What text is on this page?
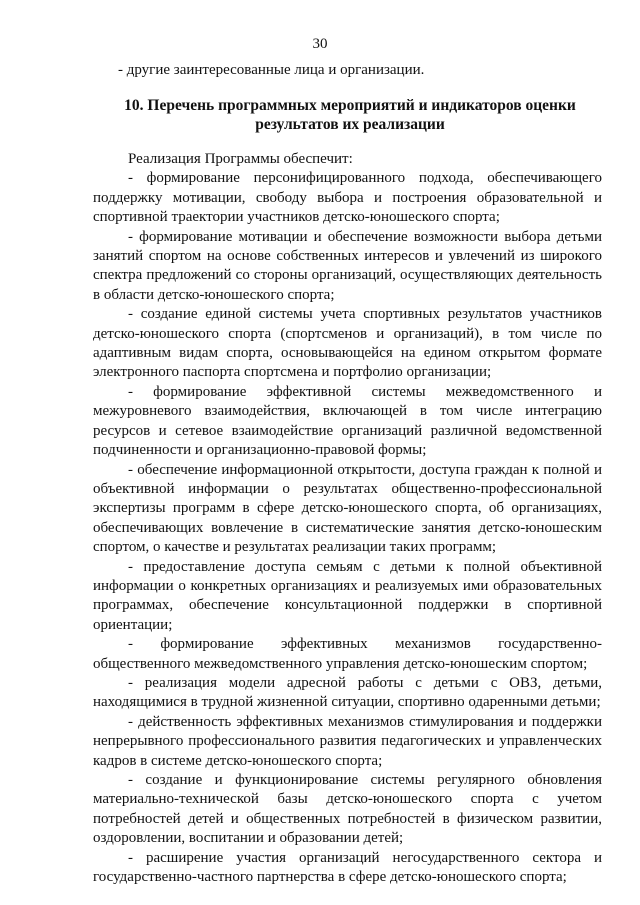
30
- другие заинтересованные лица и организации.
10. Перечень программных мероприятий и индикаторов оценки результатов их реализации

Реализация Программы обеспечит:

- формирование персонифицированного подхода, обеспечивающего поддержку мотивации, свободу выбора и построения образовательной и спортивной траектории участников детско-юношеского спорта;

- формирование мотивации и обеспечение возможности выбора детьми занятий спортом на основе собственных интересов и увлечений из широкого спектра предложений со стороны организаций, осуществляющих деятельность в области детско-юношеского спорта;

- создание единой системы учета спортивных результатов участников детско-юношеского спорта (спортсменов и организаций), в том числе по адаптивным видам спорта, основывающейся на едином открытом формате электронного паспорта спортсмена и портфолио организации;

- формирование эффективной системы межведомственного и межуровневого взаимодействия, включающей в том числе интеграцию ресурсов и сетевое взаимодействие организаций различной ведомственной подчиненности и организационно-правовой формы;

- обеспечение информационной открытости, доступа граждан к полной и объективной информации о результатах общественно-профессиональной экспертизы программ в сфере детско-юношеского спорта, об организациях, обеспечивающих вовлечение в систематические занятия детско-юношеским спортом, о качестве и результатах реализации таких программ;

- предоставление доступа семьям с детьми к полной объективной информации о конкретных организациях и реализуемых ими образовательных программах, обеспечение консультационной поддержки в спортивной ориентации;

- формирование эффективных механизмов государственно-общественного межведомственного управления детско-юношеским спортом;

- реализация модели адресной работы с детьми с ОВЗ, детьми, находящимися в трудной жизненной ситуации, спортивно одаренными детьми;

- действенность эффективных механизмов стимулирования и поддержки непрерывного профессионального развития педагогических и управленческих кадров в системе детско-юношеского спорта;

- создание и функционирование системы регулярного обновления материально-технической базы детско-юношеского спорта с учетом потребностей детей и общественных потребностей в физическом развитии, оздоровлении, воспитании и образовании детей;

- расширение участия организаций негосударственного сектора и государственно-частного партнерства в сфере детско-юношеского спорта;
